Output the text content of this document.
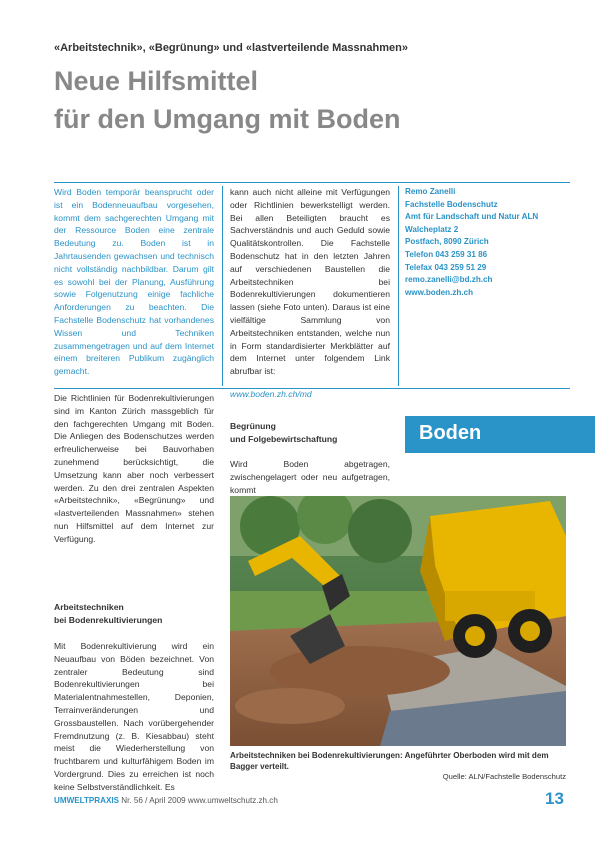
«Arbeitstechnik», «Begrünung» und «lastverteilende Massnahmen»
Neue Hilfsmittel
für den Umgang mit Boden
Wird Boden temporär beansprucht oder ist ein Bodenneuaufbau vorgesehen, kommt dem sachgerechten Umgang mit der Ressource Boden eine zentrale Bedeutung zu. Boden ist in Jahrtausenden gewachsen und technisch nicht vollständig nachbildbar. Darum gilt es sowohl bei der Planung, Ausführung sowie Folgenutzung einige fachliche Anforderungen zu beachten. Die Fachstelle Bodenschutz hat vorhandenes Wissen und Techniken zusammengetragen und auf dem Internet einem breiteren Publikum zugänglich gemacht.
kann auch nicht alleine mit Verfügungen oder Richtlinien bewerkstelligt werden. Bei allen Beteiligten braucht es Sachverständnis und auch Geduld sowie Qualitätskontrollen. Die Fachstelle Bodenschutz hat in den letzten Jahren auf verschiedenen Baustellen die Arbeitstechniken bei Bodenrekultivierungen dokumentieren lassen (siehe Foto unten). Daraus ist eine vielfältige Sammlung von Arbeitstechniken entstanden, welche nun in Form standardisierter Merkblätter auf dem Internet unter folgendem Link abrufbar ist:
www.boden.zh.ch/md
Remo Zanelli
Fachstelle Bodenschutz
Amt für Landschaft und Natur ALN
Walcheplatz 2
Postfach, 8090 Zürich
Telefon 043 259 31 86
Telefax 043 259 51 29
remo.zanelli@bd.zh.ch
www.boden.zh.ch

Die Richtlinien für Bodenrekultivierungen sind im Kanton Zürich massgeblich für den fachgerechten Umgang mit Boden. Die Anliegen des Bodenschutzes werden erfreulicherweise bei Bauvorhaben zunehmend berücksichtigt, die Umsetzung kann aber noch verbessert werden. Zu den drei zentralen Aspekten «Arbeitstechnik», «Begrünung» und «lastverteilenden Massnahmen» stehen nun Hilfsmittel auf dem Internet zur Verfügung.

Arbeitstechniken
bei Bodenrekultivierungen
Mit Bodenrekultivierung wird ein Neuaufbau von Böden bezeichnet. Von zentraler Bedeutung sind Bodenrekultivierungen bei Materialentnahmestellen, Deponien, Terrainveränderungen und Grossbaustellen. Nach vorübergehender Fremdnutzung (z. B. Kiesabbau) steht meist die Wiederherstellung von fruchtbarem und kulturfähigem Boden im Vordergrund. Dies zu erreichen ist noch keine Selbstverständlichkeit. Es
Begrünung
und Folgebewirtschaftung
Wird Boden abgetragen, zwischengelagert oder neu aufgetragen, kommt
Boden
Arbeitstechniken bei Bodenrekultivierungen: Angeführter Oberboden wird mit dem Bagger verteilt.
Quelle: ALN/Fachstelle Bodenschutz
UMWELTPRAXIS Nr. 56 / April 2009 www.umweltschutz.zh.ch	13
